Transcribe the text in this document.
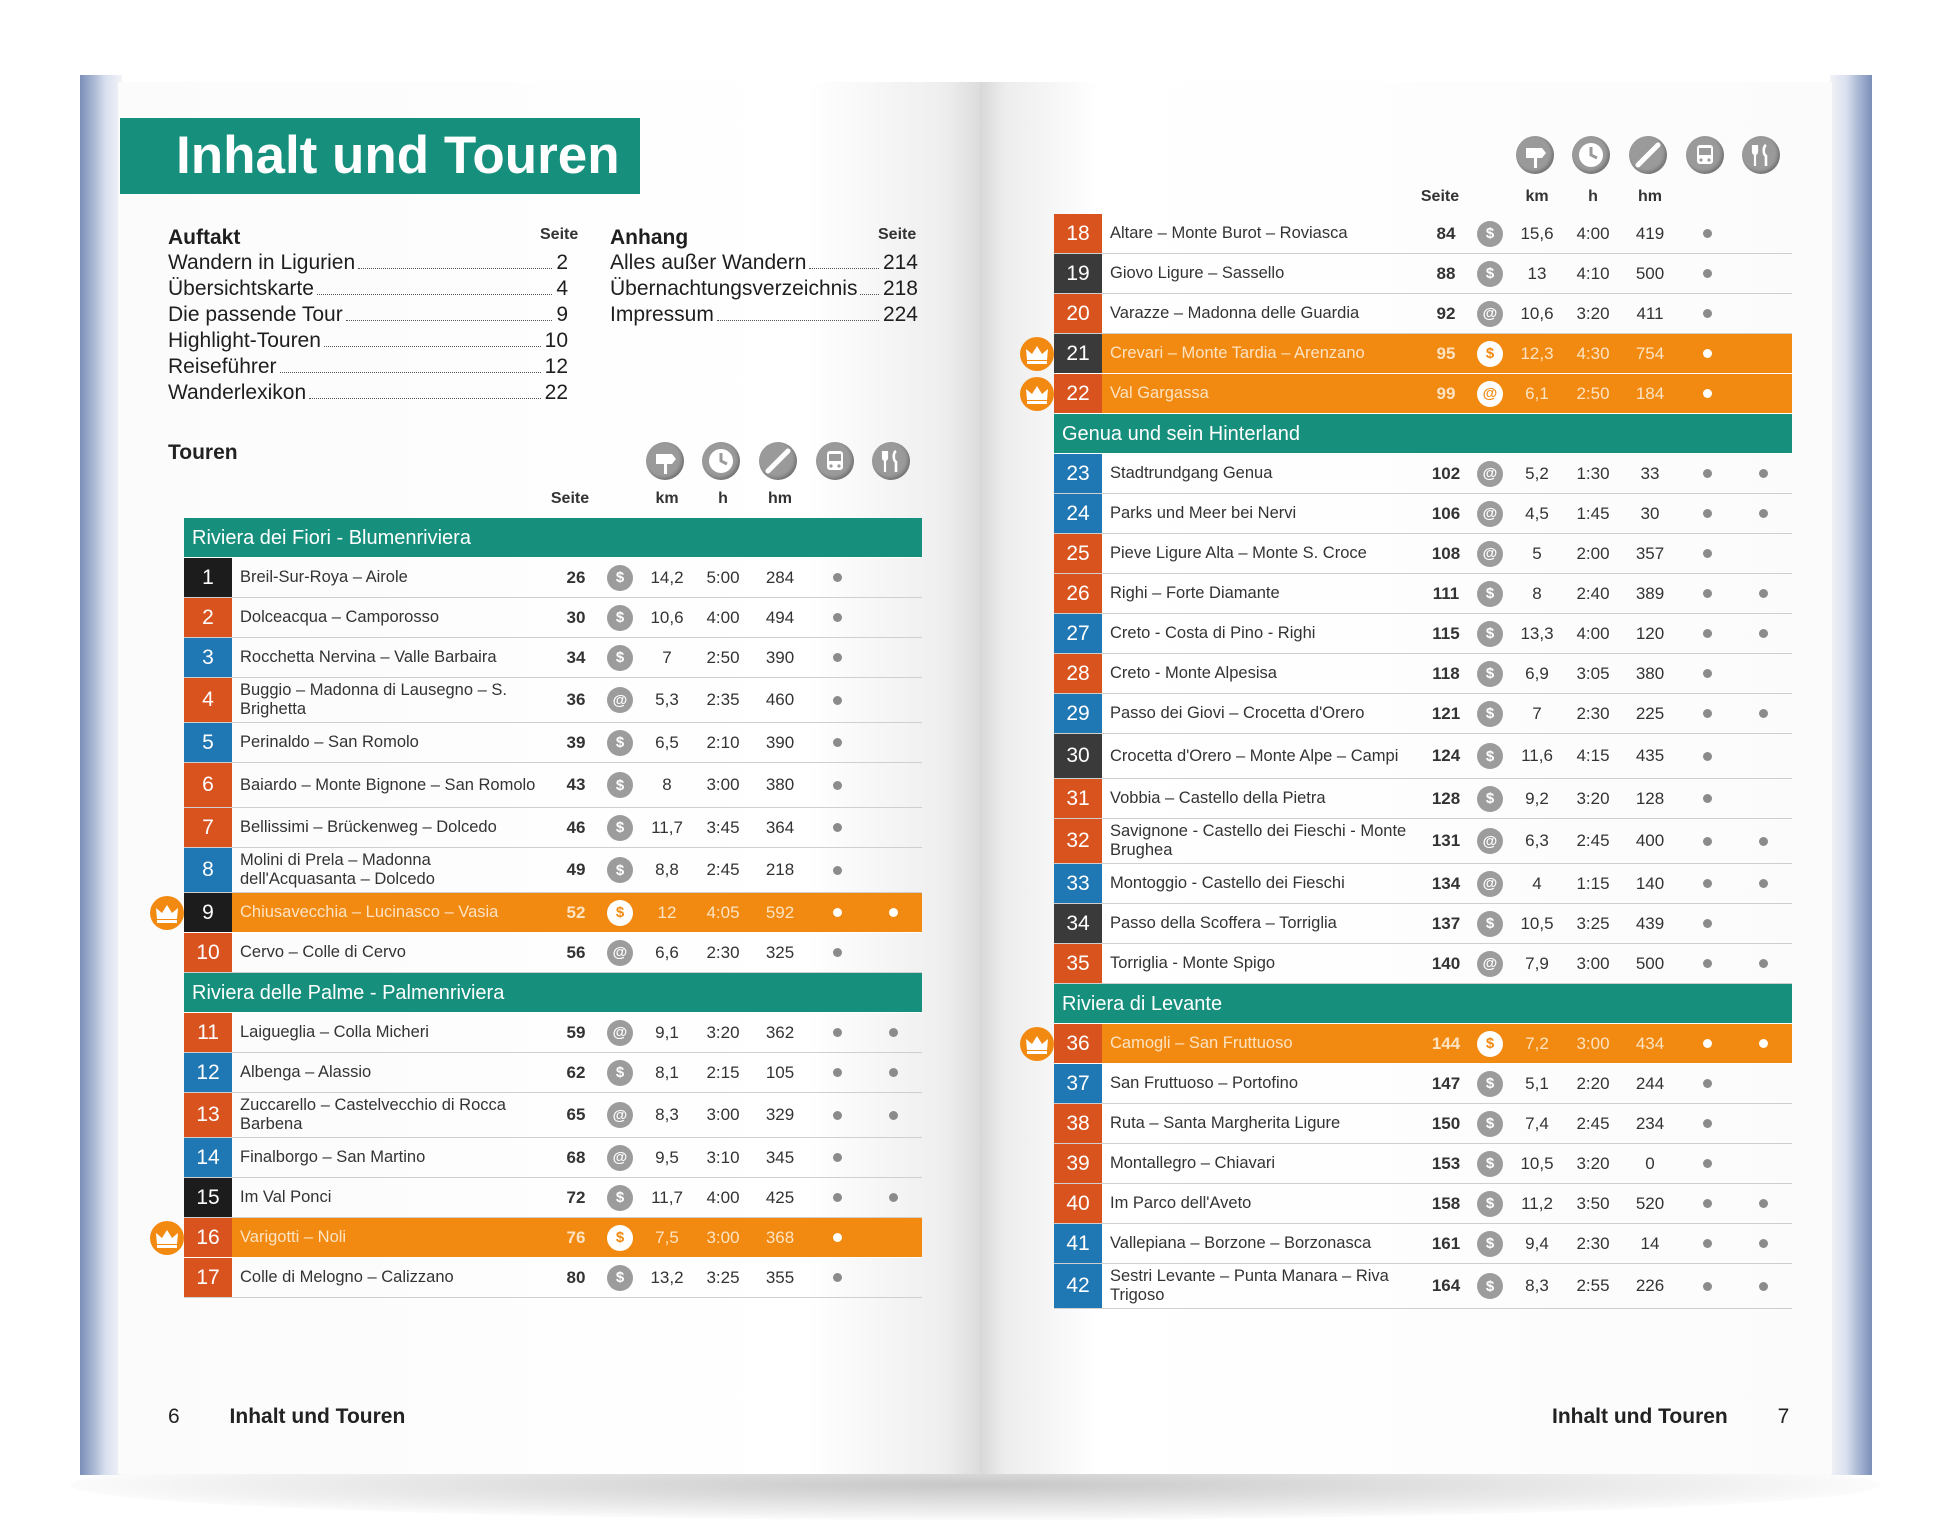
Inhalt und Touren
Auftakt	Seite
Wandern in Ligurien	2
Übersichtskarte	4
Die passende Tour	9
Highlight-Touren	10
Reiseführer	12
Wanderlexikon	22
Anhang	Seite
Alles außer Wandern	214
Übernachtungsverzeichnis 218
Impressum	224
Touren
Seite	km	h	hm
Seite	km	h	hm
Riviera dei Fiori - Blumenriviera
1	Breil-Sur-Roya – Airole	26	$	14,2 5:00	284
2	Dolceacqua – Camporosso	30	$	10,6 4:00	494
3	Rocchetta Nervina – Valle Barbaira	34	$	7	2:50	390
4	Buggio – Madonna di Lausegno – S. Brighetta	36	@	5,3	2:35	460
5	Perinaldo – San Romolo	39	$	6,5	2:10	390
6	Baiardo – Monte Bignone – San Romolo	43	$	8	3:00	380
7	Bellissimi – Brückenweg – Dolcedo	46	$	11,7 3:45	364
8	Molini di Prela – Madonna dell'Acquasanta – Dolcedo	49	$	8,8	2:45	218
9	Chiusavecchia – Lucinasco – Vasia	52	$	12	4:05	592
10	Cervo – Colle di Cervo	56	@	6,6	2:30	325
Riviera delle Palme - Palmenriviera
11	Laigueglia – Colla Micheri	59	@	9,1	3:20	362
12	Albenga – Alassio	62	$	8,1	2:15	105
13	Zuccarello – Castelvecchio di Rocca Barbena	65	@	8,3	3:00	329
14	Finalborgo – San Martino	68	@	9,5	3:10	345
15	Im Val Ponci	72	$	11,7 4:00	425
16	Varigotti – Noli	76	$	7,5	3:00	368
17	Colle di Melogno – Calizzano	80	$	13,2 3:25	355
18	Altare – Monte Burot – Roviasca	84	$	15,6 4:00	419
19	Giovo Ligure – Sassello	88	$	13	4:10	500
20	Varazze – Madonna delle Guardia	92	@	10,6 3:20	411
21	Crevari – Monte Tardia – Arenzano	95	$	12,3 4:30	754
22	Val Gargassa	99	@	6,1	2:50	184
Genua und sein Hinterland
23	Stadtrundgang Genua	102	@	5,2	1:30	33
24	Parks und Meer bei Nervi	106	@	4,5	1:45	30
25	Pieve Ligure Alta – Monte S. Croce	108	@	5	2:00	357
26	Righi – Forte Diamante	111	$	8	2:40	389
27	Creto - Costa di Pino - Righi	115	$	13,3 4:00	120
28	Creto - Monte Alpesisa	118	$	6,9	3:05	380
29	Passo dei Giovi – Crocetta d'Orero	121	$	7	2:30	225
30	Crocetta d'Orero – Monte Alpe – Campi	124	$	11,6 4:15	435
31	Vobbia – Castello della Pietra	128	$	9,2	3:20	128
32	Savignone - Castello dei Fieschi - Monte Brughea	131	@	6,3	2:45	400
33	Montoggio - Castello dei Fieschi	134	@	4	1:15	140
34	Passo della Scoffera – Torriglia	137	$	10,5 3:25	439
35	Torriglia - Monte Spigo	140	@	7,9	3:00	500
Riviera di Levante
36	Camogli – San Fruttuoso	144	$	7,2	3:00	434
37	San Fruttuoso – Portofino	147	$	5,1	2:20	244
38	Ruta – Santa Margherita Ligure	150	$	7,4	2:45	234
39	Montallegro – Chiavari	153	$	10,5 3:20	0
40	Im Parco dell'Aveto	158	$	11,2 3:50	520
41	Vallepiana – Borzone – Borzonasca	161	$	9,4	2:30	14
42	Sestri Levante – Punta Manara – Riva Trigoso	164	$	8,3	2:55	226
6 Inhalt und Touren	Inhalt und Touren 7
